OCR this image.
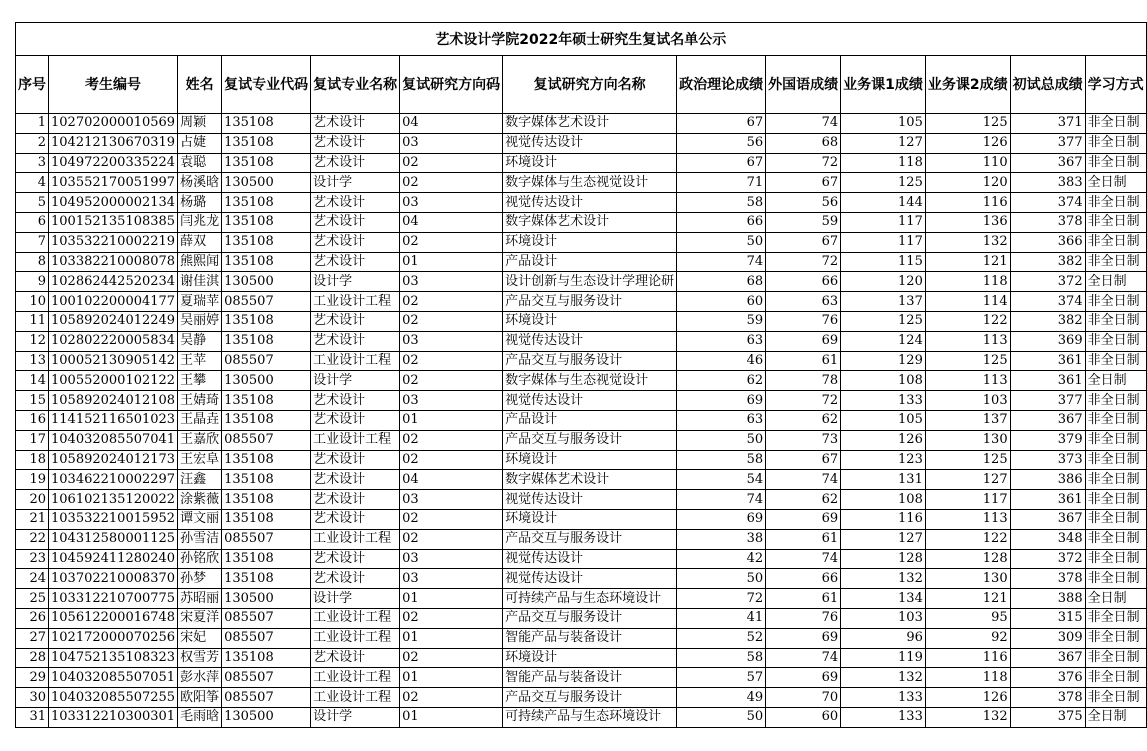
艺术设计学院2022年硕士研究生复试名单公示												
序号	考生编号	姓名	复试专业代码	复试专业名称	复试研究方向码	复试研究方向名称	政治理论成绩	外国语成绩	业务课1成绩	业务课2成绩	初试总成绩	学习方式
1	102702000010569	周颖	135108	艺术设计	04	数字媒体艺术设计	67	74	105	125	371	非全日制
2	104212130670319	占婕	135108	艺术设计	03	视觉传达设计	56	68	127	126	377	非全日制
3	104972200335224	袁聪	135108	艺术设计	02	环境设计	67	72	118	110	367	非全日制
4	103552170051997	杨溪晗	130500	设计学	02	数字媒体与生态视觉设计	71	67	125	120	383	全日制
5	104952000002134	杨璐	135108	艺术设计	03	视觉传达设计	58	56	144	116	374	非全日制
6	100152135108385	闫兆龙	135108	艺术设计	04	数字媒体艺术设计	66	59	117	136	378	非全日制
7	103532210002219	薛双	135108	艺术设计	02	环境设计	50	67	117	132	366	非全日制
8	103382210008078	熊熙闻	135108	艺术设计	01	产品设计	74	72	115	121	382	非全日制
9	102862442520234	谢佳淇	130500	设计学	03	设计创新与生态设计学理论研	68	66	120	118	372	全日制
10	100102200004177	夏瑞苹	085507	工业设计工程	02	产品交互与服务设计	60	63	137	114	374	非全日制
11	105892024012249	吴丽婷	135108	艺术设计	02	环境设计	59	76	125	122	382	非全日制
12	102802220005834	吴静	135108	艺术设计	03	视觉传达设计	63	69	124	113	369	非全日制
13	100052130905142	王苹	085507	工业设计工程	02	产品交互与服务设计	46	61	129	125	361	非全日制
14	100552000102122	王攀	130500	设计学	02	数字媒体与生态视觉设计	62	78	108	113	361	全日制
15	105892024012108	王婧琦	135108	艺术设计	03	视觉传达设计	69	72	133	103	377	非全日制
16	114152116501023	王晶垚	135108	艺术设计	01	产品设计	63	62	105	137	367	非全日制
17	104032085507041	王嘉欣	085507	工业设计工程	02	产品交互与服务设计	50	73	126	130	379	非全日制
18	105892024012173	王宏阜	135108	艺术设计	02	环境设计	58	67	123	125	373	非全日制
19	103462210002297	汪鑫	135108	艺术设计	04	数字媒体艺术设计	54	74	131	127	386	非全日制
20	106102135120022	涂紫薇	135108	艺术设计	03	视觉传达设计	74	62	108	117	361	非全日制
21	103532210015952	谭文丽	135108	艺术设计	02	环境设计	69	69	116	113	367	非全日制
22	104312580001125	孙雪洁	085507	工业设计工程	02	产品交互与服务设计	38	61	127	122	348	非全日制
23	104592411280240	孙铭欣	135108	艺术设计	03	视觉传达设计	42	74	128	128	372	非全日制
24	103702210008370	孙梦	135108	艺术设计	03	视觉传达设计	50	66	132	130	378	非全日制
25	103312210700775	苏昭丽	130500	设计学	01	可持续产品与生态环境设计	72	61	134	121	388	全日制
26	105612200016748	宋夏洋	085507	工业设计工程	02	产品交互与服务设计	41	76	103	95	315	非全日制
27	102172000070256	宋妃	085507	工业设计工程	01	智能产品与装备设计	52	69	96	92	309	非全日制
28	104752135108323	权雪芳	135108	艺术设计	02	环境设计	58	74	119	116	367	非全日制
29	104032085507051	彭水萍	085507	工业设计工程	01	智能产品与装备设计	57	69	132	118	376	非全日制
30	104032085507255	欧阳筝	085507	工业设计工程	02	产品交互与服务设计	49	70	133	126	378	非全日制
31	103312210300301	毛雨晗	130500	设计学	01	可持续产品与生态环境设计	50	60	133	132	375	全日制
